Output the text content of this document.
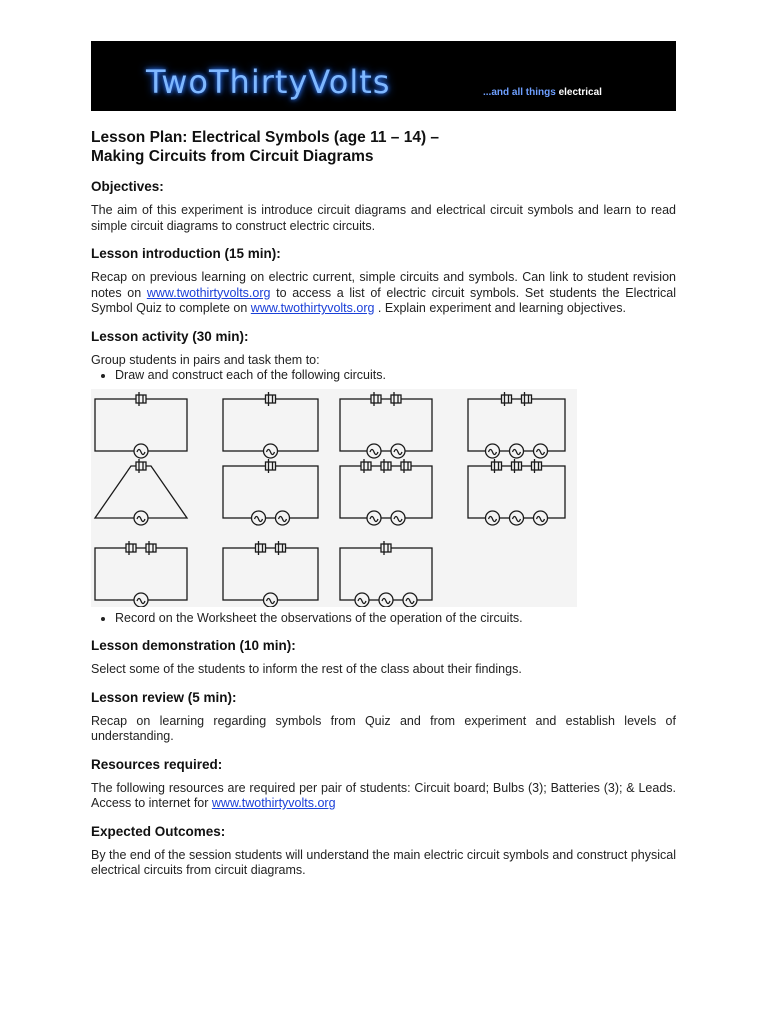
TwoThirtyVolts	...and all things electrical
Lesson Plan: Electrical Symbols (age 11 – 14) –
Making Circuits from Circuit Diagrams
Objectives:

The aim of this experiment is introduce circuit diagrams and electrical circuit symbols and learn to read simple circuit diagrams to construct electric circuits.

Lesson introduction (15 min):

Recap on previous learning on electric current, simple circuits and symbols. Can link to student revision notes on www.twothirtyvolts.org to access a list of electric circuit symbols. Set students the Electrical Symbol Quiz to complete on www.twothirtyvolts.org . Explain experiment and learning objectives.

Lesson activity (30 min):
Group students in pairs and task them to:
• Draw and construct each of the following circuits.
• Record on the Worksheet the observations of the operation of the circuits.
Lesson demonstration (10 min):

Select some of the students to inform the rest of the class about their findings.

Lesson review (5 min):

Recap on learning regarding symbols from Quiz and from experiment and establish levels of understanding.

Resources required:

The following resources are required per pair of students: Circuit board; Bulbs (3); Batteries (3); & Leads. Access to internet for www.twothirtyvolts.org

Expected Outcomes:

By the end of the session students will understand the main electric circuit symbols and construct physical electrical circuits from circuit diagrams.
